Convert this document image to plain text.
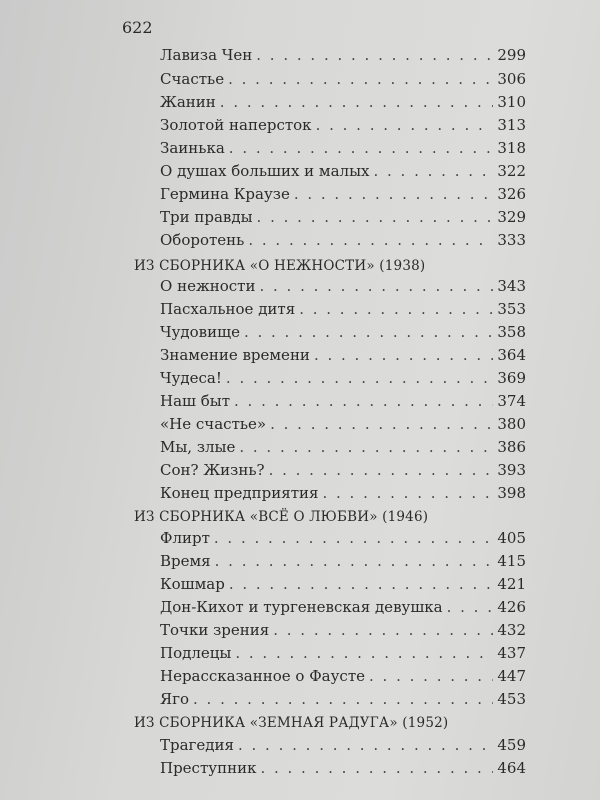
622
Лавиза Чен . . .	299
Счастье . . .	306
Жанин . . .	310
Золотой наперсток . . .	313
Заинька . . .	318
О душах больших и малых . . .	322
Гермина Краузе . . .	326
Три правды . . .	329
Оборотень . . .	333
ИЗ СБОРНИКА «О НЕЖНОСТИ» (1938)
О нежности . . .	343
Пасхальное дитя . . .	353
Чудовище . . .	358
Знамение времени . . .	364
Чудеса! . . .	369
Наш быт . . .	374
«Не счастье» . . .	380
Мы, злые . . .	386
Сон? Жизнь? . . .	393
Конец предприятия . . .	398
ИЗ СБОРНИКА «ВСЁ О ЛЮБВИ» (1946)
Флирт . . .	405
Время . . .	415
Кошмар . . .	421
Дон-Кихот и тургеневская девушка . . .	426
Точки зрения . . .	432
Подлецы . . .	437
Нерассказанное о Фаусте . . .	447
Яго . . .	453
ИЗ СБОРНИКА «ЗЕМНАЯ РАДУГА» (1952)
Трагедия . . .	459
Преступник . . .	464
